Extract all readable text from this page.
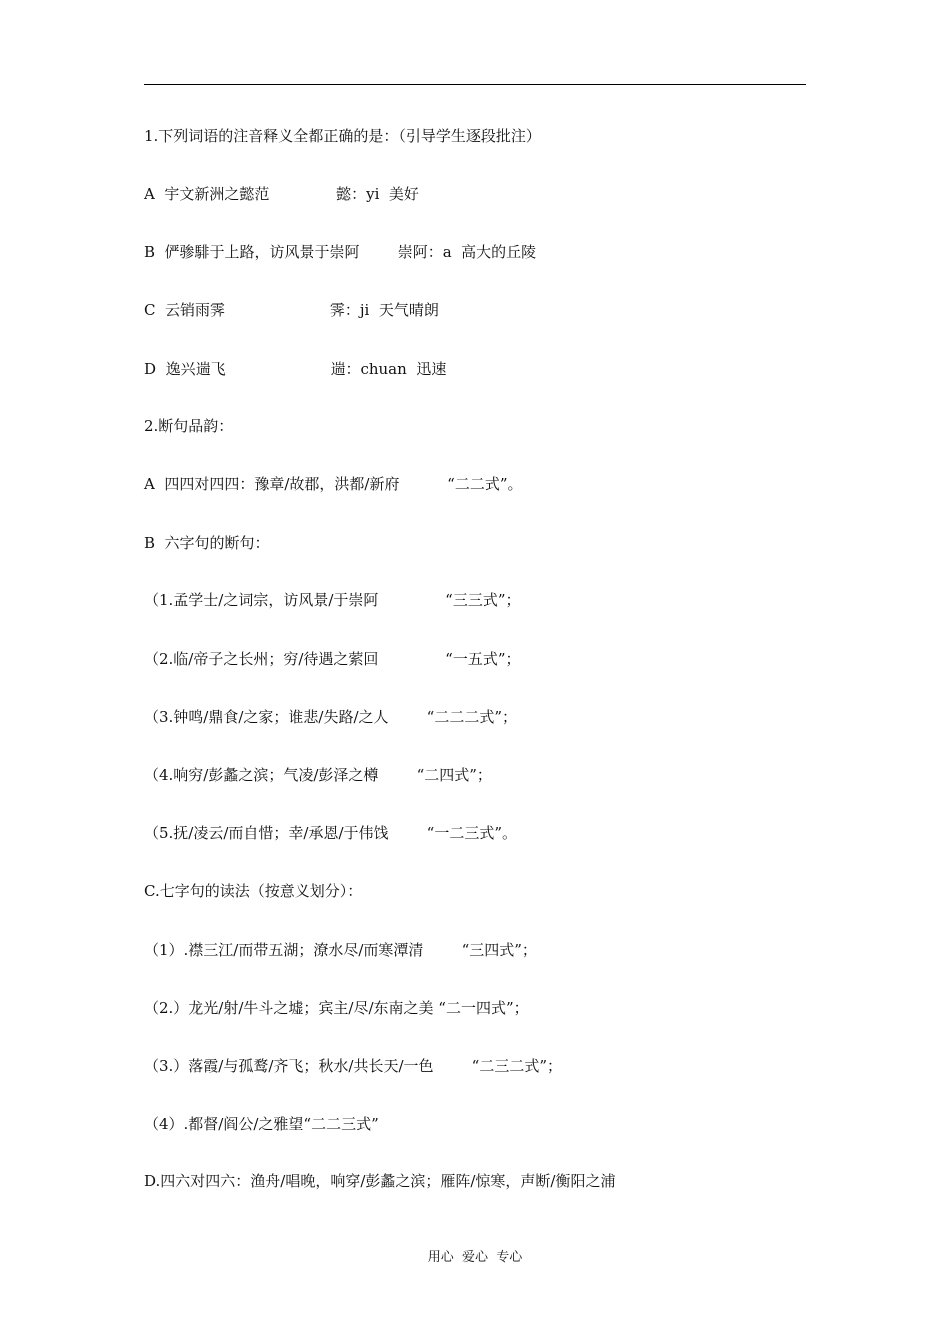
1.下列词语的注音释义全都正确的是：（引导学生逐段批注）
A  宇文新洲之懿范              懿：yi  美好
B  俨骖騑于上路，访风景于崇阿        崇阿：a  高大的丘陵
C  云销雨霁                      霁：ji  天气晴朗
D  逸兴遄飞                      遄：chuan  迅速
2.断句品韵：
A  四四对四四：豫章/故郡，洪都/新府          “二二式”。
B  六字句的断句：
（1.孟学士/之词宗，访风景/于崇阿              “三三式”；
（2.临/帝子之长州；穷/待遇之萦回              “一五式”；
（3.钟鸣/鼎食/之家；谁悲/失路/之人        “二二二式”；
（4.响穷/彭蠡之滨；气凌/彭泽之樽        “二四式”；
（5.抚/凌云/而自惜；幸/承恩/于伟饯        “一二三式”。
C.七字句的读法（按意义划分）：
（1）.襟三江/而带五湖；潦水尽/而寒潭清        “三四式”；
（2.）龙光/射/牛斗之墟；宾主/尽/东南之美 “二一四式”；
（3.）落霞/与孤鹜/齐飞；秋水/共长天/一色        “二三二式”；
（4）.都督/阎公/之雅望“二二三式”
D.四六对四六：渔舟/唱晚，响穿/彭蠡之滨；雁阵/惊寒，声断/衡阳之浦
用心  爱心  专心
